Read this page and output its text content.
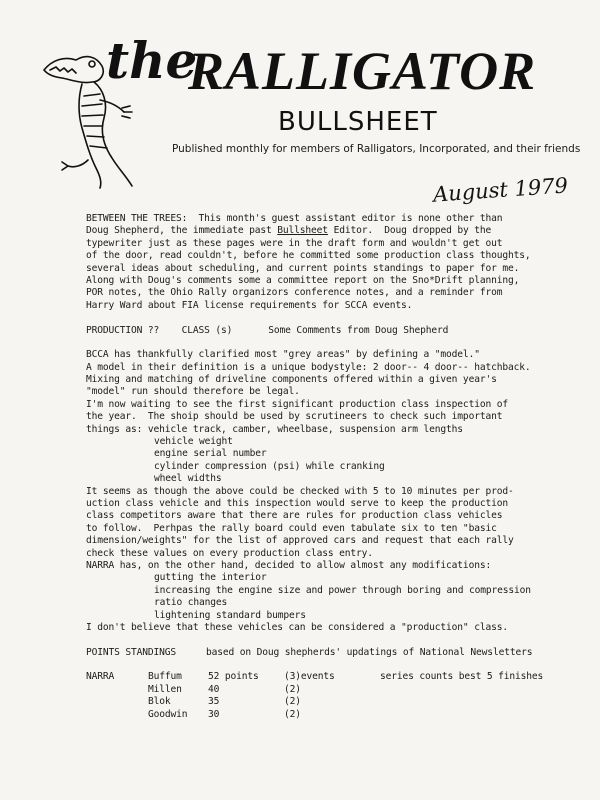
the
RALLIGATOR
BULLSHEET
Published monthly for members of Ralligators, Incorporated, and their friends
August 1979
BETWEEN THE TREES:  This month's guest assistant editor is none other than
Doug Shepherd, the immediate past Bullsheet Editor.  Doug dropped by the
typewriter just as these pages were in the draft form and wouldn't get out
of the door, read couldn't, before he committed some production class thoughts,
several ideas about scheduling, and current points standings to paper for me.
Along with Doug's comments some a committee report on the Sno*Drift planning,
POR notes, the Ohio Rally organizors conference notes, and a reminder from
Harry Ward about FIA license requirements for SCCA events.
PRODUCTION ??    CLASS (s)	Some Comments from Doug Shepherd
BCCA has thankfully clarified most "grey areas" by defining a "model."
A model in their definition is a unique bodystyle: 2 door-- 4 door-- hatchback.
Mixing and matching of driveline components offered within a given year's
"model" run should therefore be legal.
I'm now waiting to see the first significant production class inspection of
the year.  The shoip should be used by scrutineers to check such important
things as: vehicle track, camber, wheelbase, suspension arm lengths
vehicle weight
engine serial number
cylinder compression (psi) while cranking
wheel widths
It seems as though the above could be checked with 5 to 10 minutes per prod-
uction class vehicle and this inspection would serve to keep the production
class competitors aware that there are rules for production class vehicles
to follow.  Perhpas the rally board could even tabulate six to ten "basic
dimension/weights" for the list of approved cars and request that each rally
check these values on every production class entry.
NARRA has, on the other hand, decided to allow almost any modifications:
gutting the interior
increasing the engine size and power through boring and compression
ratio changes
lightening standard bumpers
I don't believe that these vehicles can be considered a "production" class.
POINTS STANDINGS	based on Doug shepherds' updatings of National Newsletters
NARRA	Buffum	52 points	(3)events	series counts best 5 finishes
	Millen	40	(2)	
	Blok	35	(2)	
	Goodwin	30	(2)	
